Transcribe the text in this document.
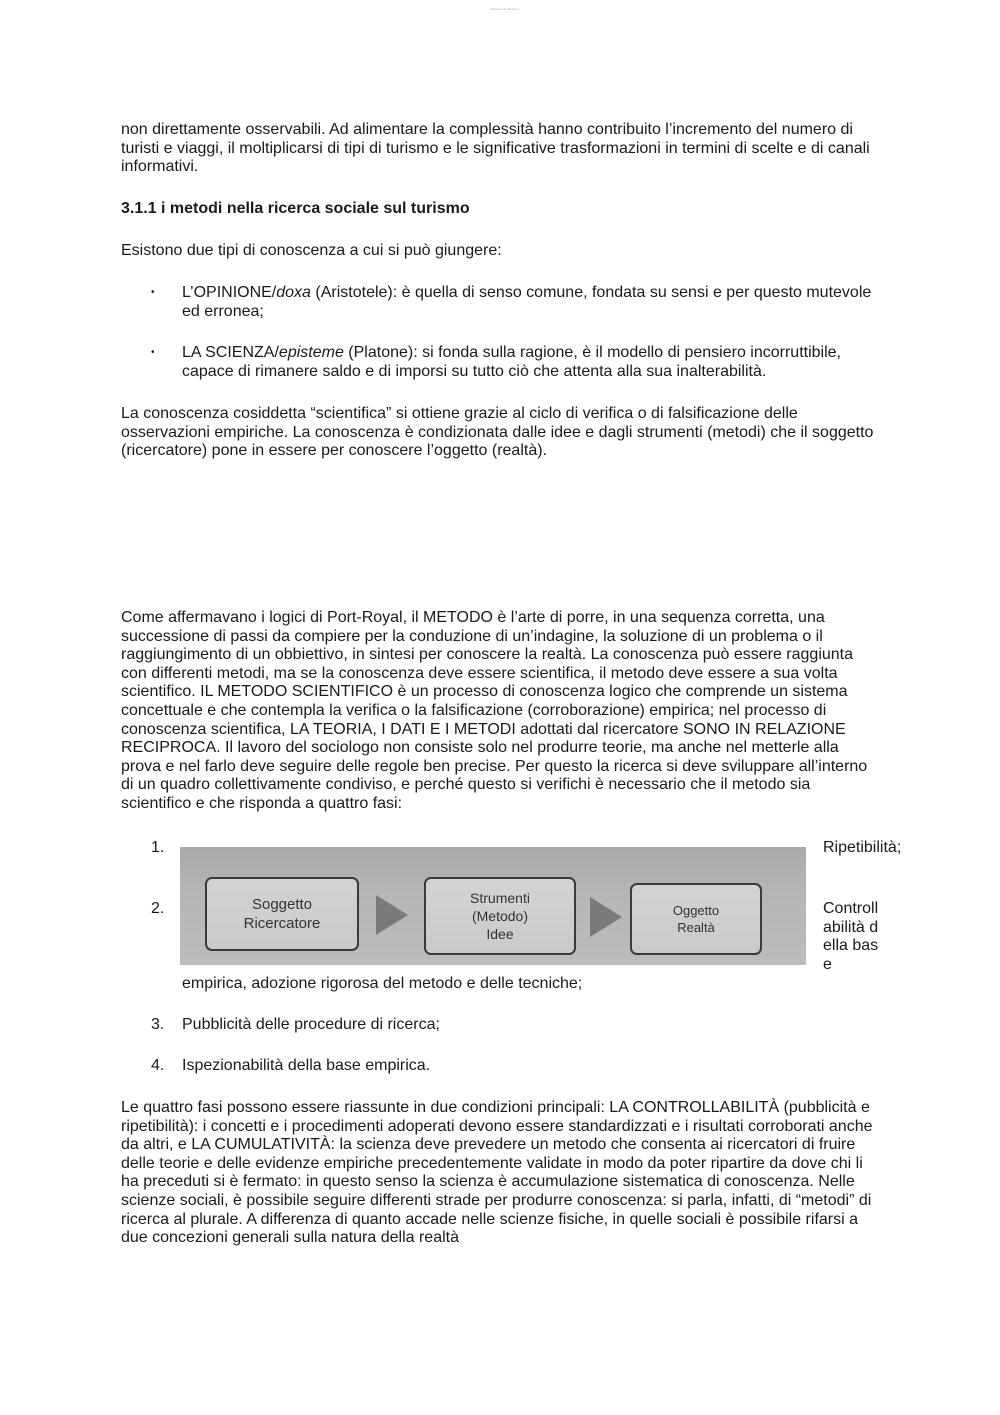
Scaricato da Studocu

non direttamente osservabili. Ad alimentare la complessità hanno contribuito l’incremento del numero di turisti e viaggi, il moltiplicarsi di tipi di turismo e le significative trasformazioni in termini di scelte e di canali informativi.

3.1.1 i metodi nella ricerca sociale sul turismo

Esistono due tipi di conoscenza a cui si può giungere:

• L’OPINIONE/doxa (Aristotele): è quella di senso comune, fondata su sensi e per questo mutevole ed erronea;
• LA SCIENZA/episteme (Platone): si fonda sulla ragione, è il modello di pensiero incorruttibile, capace di rimanere saldo e di imporsi su tutto ciò che attenta alla sua inalterabilità.

La conoscenza cosiddetta “scientifica” si ottiene grazie al ciclo di verifica o di falsificazione delle osservazioni empiriche. La conoscenza è condizionata dalle idee e dagli strumenti (metodi) che il soggetto (ricercatore) pone in essere per conoscere l’oggetto (realtà).

Come affermavano i logici di Port-Royal, il METODO è l’arte di porre, in una sequenza corretta, una successione di passi da compiere per la conduzione di un’indagine, la soluzione di un problema o il raggiungimento di un obbiettivo, in sintesi per conoscere la realtà. La conoscenza può essere raggiunta con differenti metodi, ma se la conoscenza deve essere scientifica, il metodo deve essere a sua volta scientifico. IL METODO SCIENTIFICO è un processo di conoscenza logico che comprende un sistema concettuale e che contempla la verifica o la falsificazione (corroborazione) empirica; nel processo di conoscenza scientifica, LA TEORIA, I DATI E I METODI adottati dal ricercatore SONO IN RELAZIONE RECIPROCA. Il lavoro del sociologo non consiste solo nel produrre teorie, ma anche nel metterle alla prova e nel farlo deve seguire delle regole ben precise. Per questo la ricerca si deve sviluppare all’interno di un quadro collettivamente condiviso, e perché questo si verifichi è necessario che il metodo sia scientifico e che risponda a quattro fasi:

1.	Ripetibilità;
Soggetto
Ricercatore
Strumenti
(Metodo)
Idee
Oggetto
Realtà
2.	Controllabilità della base
empirica, adozione rigorosa del metodo e delle tecniche;
3. Pubblicità delle procedure di ricerca;
4. Ispezionabilità della base empirica.

Le quattro fasi possono essere riassunte in due condizioni principali: LA CONTROLLABILITÀ (pubblicità e ripetibilità): i concetti e i procedimenti adoperati devono essere standardizzati e i risultati corroborati anche da altri, e LA CUMULATIVITÀ: la scienza deve prevedere un metodo che consenta ai ricercatori di fruire delle teorie e delle evidenze empiriche precedentemente validate in modo da poter ripartire da dove chi li ha preceduti si è fermato: in questo senso la scienza è accumulazione sistematica di conoscenza. Nelle scienze sociali, è possibile seguire differenti strade per produrre conoscenza: si parla, infatti, di “metodi” di ricerca al plurale. A differenza di quanto accade nelle scienze fisiche, in quelle sociali è possibile rifarsi a due concezioni generali sulla natura della realtà
